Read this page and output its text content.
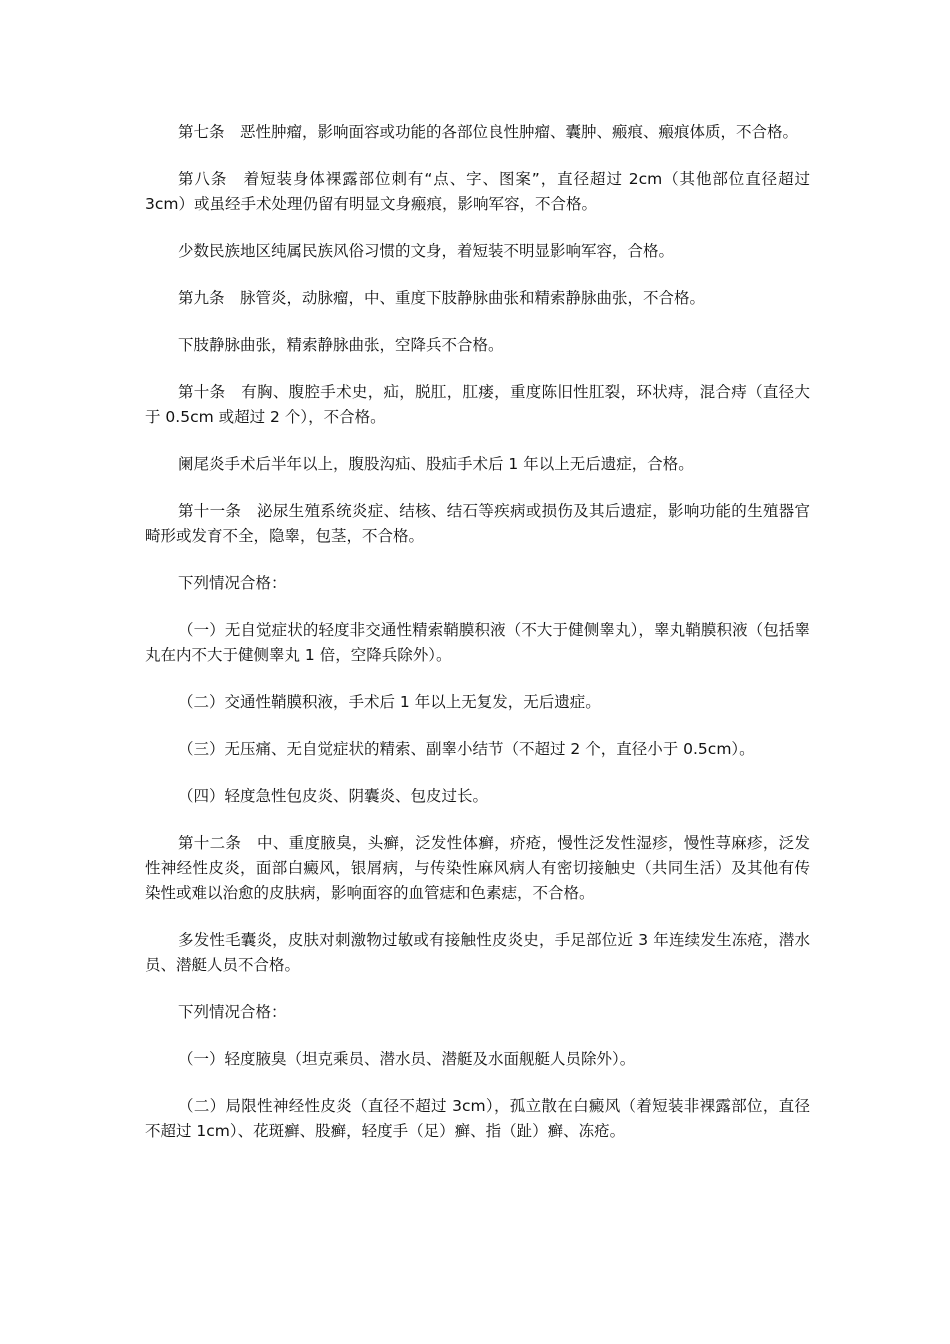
第七条　恶性肿瘤，影响面容或功能的各部位良性肿瘤、囊肿、瘢痕、瘢痕体质，不合格。

第八条　着短装身体裸露部位刺有“点、字、图案”，直径超过 2cm（其他部位直径超过 3cm）或虽经手术处理仍留有明显文身瘢痕，影响军容，不合格。

少数民族地区纯属民族风俗习惯的文身，着短装不明显影响军容，合格。

第九条　脉管炎，动脉瘤，中、重度下肢静脉曲张和精索静脉曲张，不合格。

下肢静脉曲张，精索静脉曲张，空降兵不合格。

第十条　有胸、腹腔手术史，疝，脱肛，肛瘘，重度陈旧性肛裂，环状痔，混合痔（直径大于 0.5cm 或超过 2 个），不合格。

阑尾炎手术后半年以上，腹股沟疝、股疝手术后 1 年以上无后遗症，合格。

第十一条　泌尿生殖系统炎症、结核、结石等疾病或损伤及其后遗症，影响功能的生殖器官畸形或发育不全，隐睾，包茎，不合格。

下列情况合格：

（一）无自觉症状的轻度非交通性精索鞘膜积液（不大于健侧睾丸），睾丸鞘膜积液（包括睾丸在内不大于健侧睾丸 1 倍，空降兵除外）。

（二）交通性鞘膜积液，手术后 1 年以上无复发，无后遗症。

（三）无压痛、无自觉症状的精索、副睾小结节（不超过 2 个，直径小于 0.5cm）。

（四）轻度急性包皮炎、阴囊炎、包皮过长。

第十二条　中、重度腋臭，头癣，泛发性体癣，疥疮，慢性泛发性湿疹，慢性荨麻疹，泛发性神经性皮炎，面部白癜风，银屑病，与传染性麻风病人有密切接触史（共同生活）及其他有传染性或难以治愈的皮肤病，影响面容的血管痣和色素痣，不合格。

多发性毛囊炎，皮肤对刺激物过敏或有接触性皮炎史，手足部位近 3 年连续发生冻疮，潜水员、潜艇人员不合格。

下列情况合格：

（一）轻度腋臭（坦克乘员、潜水员、潜艇及水面舰艇人员除外）。

（二）局限性神经性皮炎（直径不超过 3cm），孤立散在白癜风（着短装非裸露部位，直径不超过 1cm）、花斑癣、股癣，轻度手（足）癣、指（趾）癣、冻疮。
